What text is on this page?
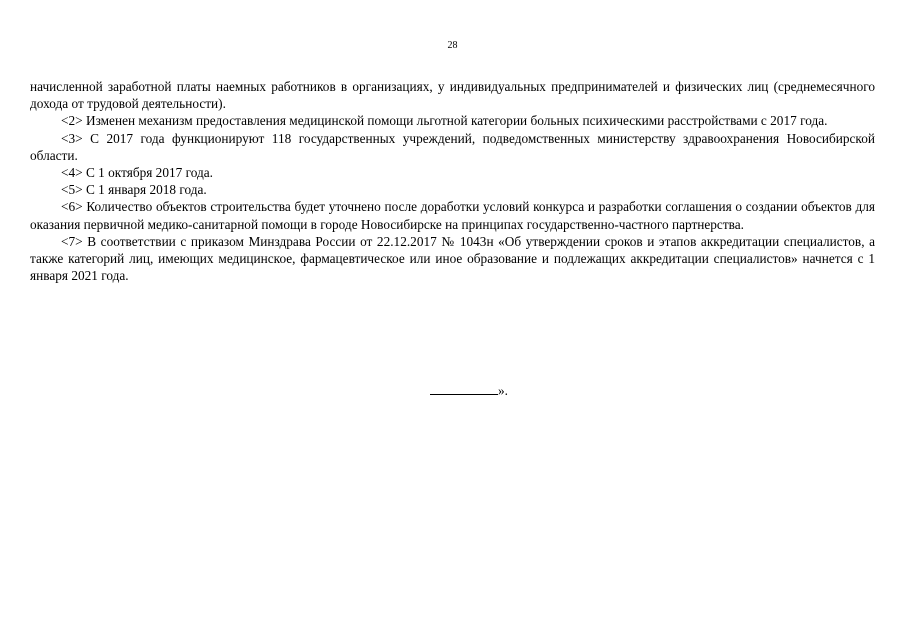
28

начисленной заработной платы наемных работников в организациях, у индивидуальных предпринимателей и физических лиц (среднемесячного дохода от трудовой деятельности).

<2> Изменен механизм предоставления медицинской помощи льготной категории больных психическими расстройствами с 2017 года.

<3> С 2017 года функционируют 118 государственных учреждений, подведомственных министерству здравоохранения Новосибирской области.

<4> С 1 октября 2017 года.

<5> С 1 января 2018 года.

<6> Количество объектов строительства будет уточнено после доработки условий конкурса и разработки соглашения о создании объектов для оказания первичной медико-санитарной помощи в городе Новосибирске на принципах государственно-частного партнерства.

<7> В соответствии с приказом Минздрава России от 22.12.2017 № 1043н «Об утверждении сроков и этапов аккредитации специалистов, а также категорий лиц, имеющих медицинское, фармацевтическое или иное образование и подлежащих аккредитации специалистов» начнется с 1 января 2021 года.

».
